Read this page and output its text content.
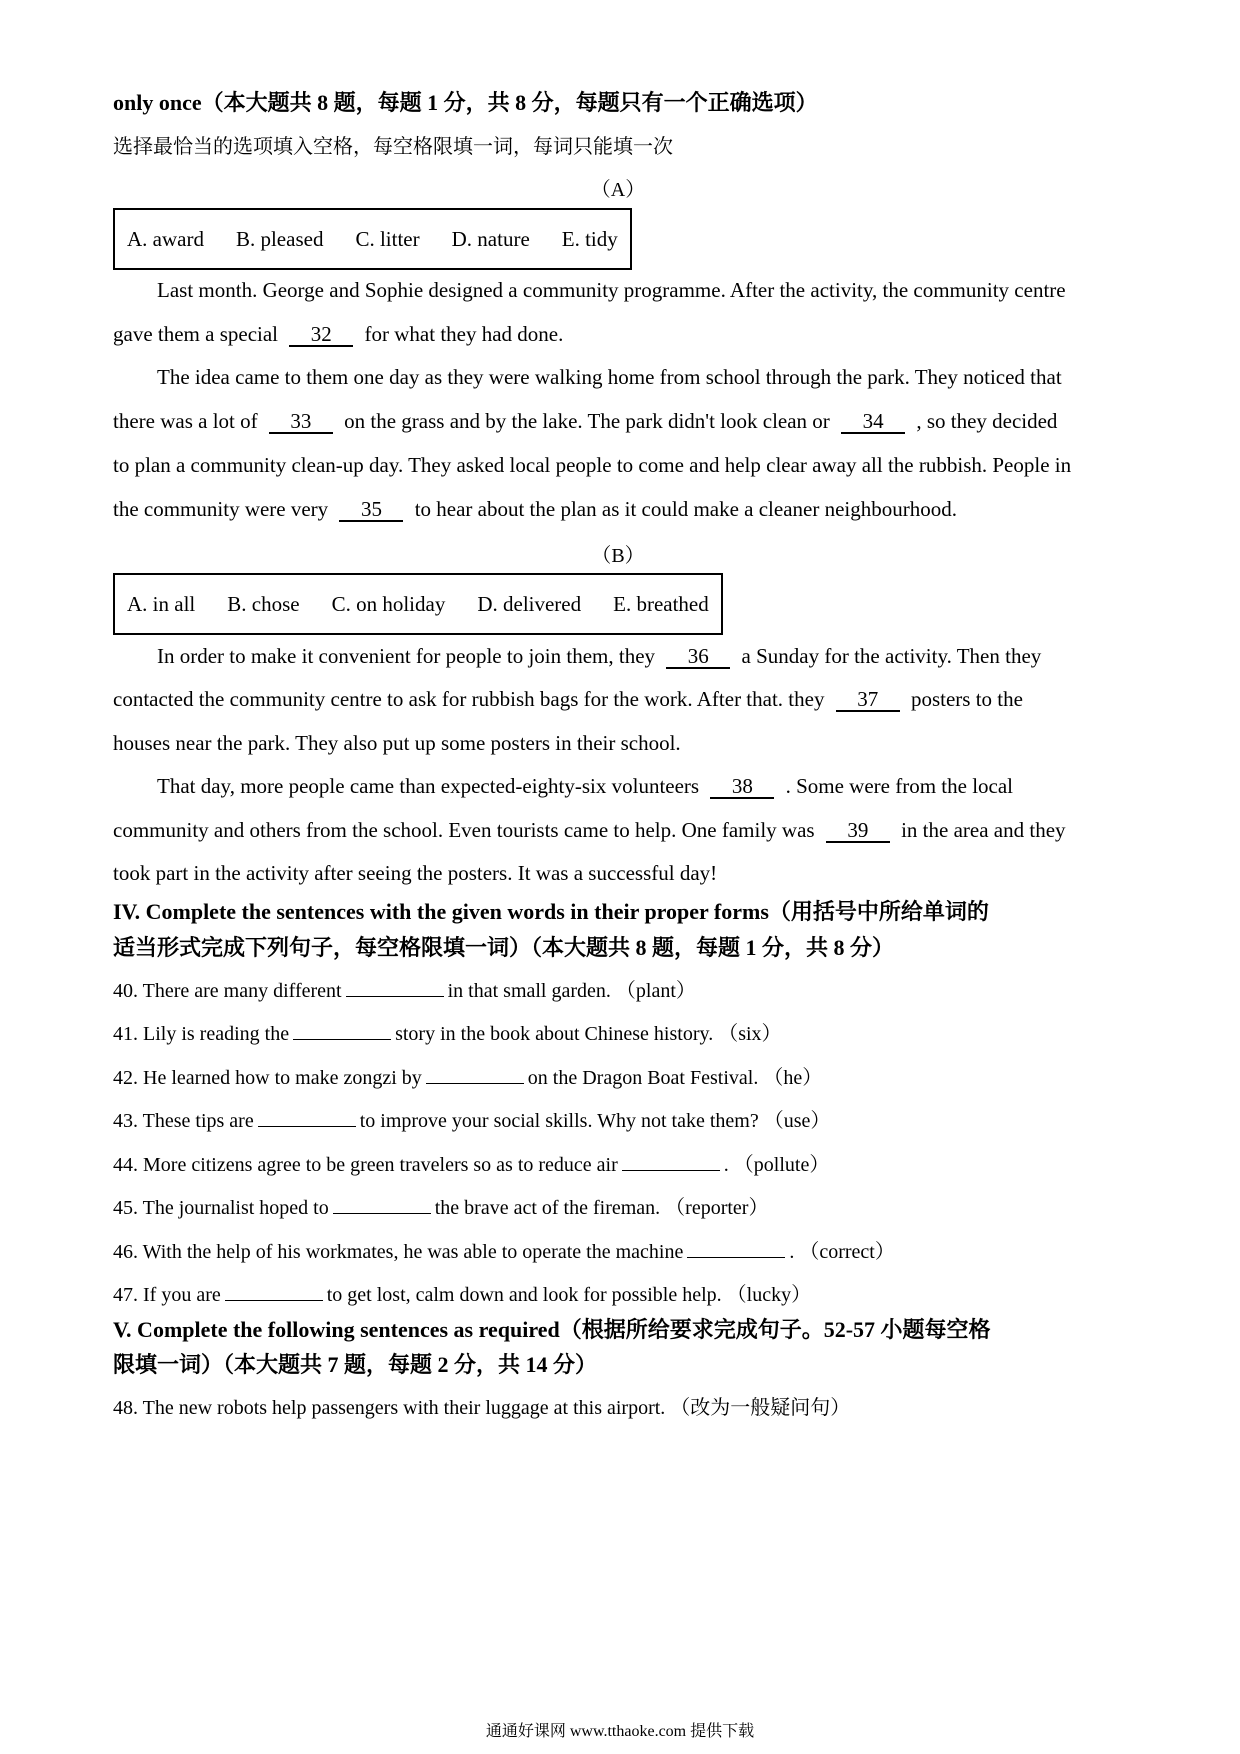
only once（本大题共 8 题，每题 1 分，共 8 分，每题只有一个正确选项）
选择最恰当的选项填入空格，每空格限填一词，每词只能填一次
（A）
A. award B. pleased C. litter D. nature E. tidy
Last month. George and Sophie designed a community programme. After the activity, the community centre
gave them a special 32 for what they had done.
The idea came to them one day as they were walking home from school through the park. They noticed that
there was a lot of 33 on the grass and by the lake. The park didn't look clean or 34 , so they decided
to plan a community clean-up day. They asked local people to come and help clear away all the rubbish. People in
the community were very 35 to hear about the plan as it could make a cleaner neighbourhood.
（B）
A. in all B. chose C. on holiday D. delivered E. breathed
In order to make it convenient for people to join them, they 36 a Sunday for the activity. Then they
contacted the community centre to ask for rubbish bags for the work. After that. they 37 posters to the
houses near the park. They also put up some posters in their school.
That day, more people came than expected-eighty-six volunteers 38 . Some were from the local
community and others from the school. Even tourists came to help. One family was 39 in the area and they
took part in the activity after seeing the posters. It was a successful day!
IV. Complete the sentences with the given words in their proper forms（用括号中所给单词的
适当形式完成下列句子，每空格限填一词）（本大题共 8 题，每题 1 分，共 8 分）
40. There are many different	in that small garden. （plant）
41. Lily is reading the	story in the book about Chinese history. （six）
42. He learned how to make zongzi by	on the Dragon Boat Festival. （he）
43. These tips are	to improve your social skills. Why not take them? （use）
44. More citizens agree to be green travelers so as to reduce air	. （pollute）
45. The journalist hoped to	the brave act of the fireman. （reporter）
46. With the help of his workmates, he was able to operate the machine	. （correct）
47. If you are	to get lost, calm down and look for possible help. （lucky）
V. Complete the following sentences as required（根据所给要求完成句子。52-57 小题每空格
限填一词）（本大题共 7 题，每题 2 分，共 14 分）
48. The new robots help passengers with their luggage at this airport. （改为一般疑问句）
通通好课网 www.tthaoke.com 提供下载
